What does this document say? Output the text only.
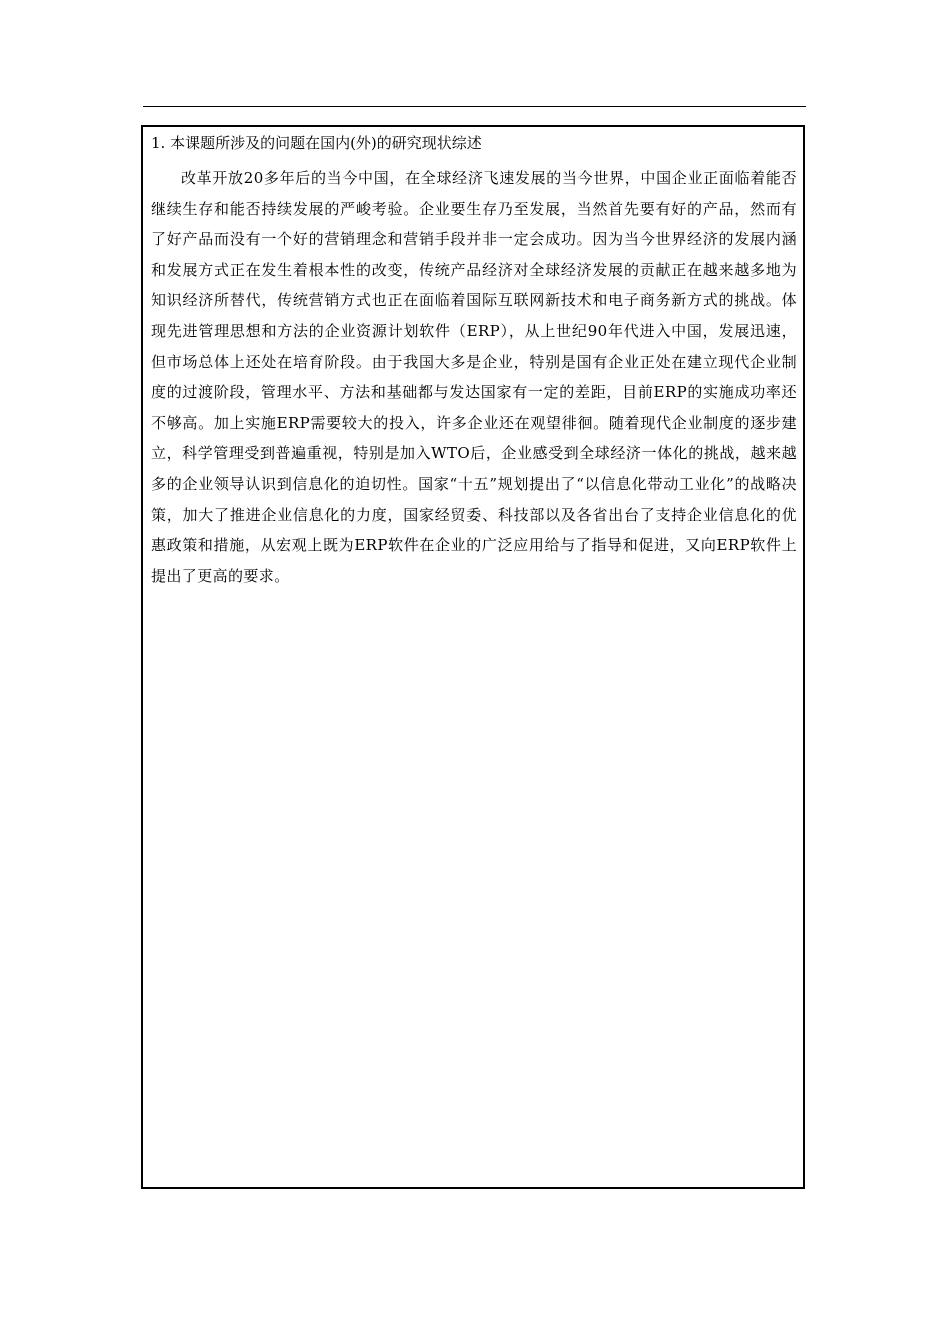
1. 本课题所涉及的问题在国内(外)的研究现状综述

改革开放20多年后的当今中国，在全球经济飞速发展的当今世界，中国企业正面临着能否继续生存和能否持续发展的严峻考验。企业要生存乃至发展，当然首先要有好的产品，然而有了好产品而没有一个好的营销理念和营销手段并非一定会成功。因为当今世界经济的发展内涵和发展方式正在发生着根本性的改变，传统产品经济对全球经济发展的贡献正在越来越多地为知识经济所替代，传统营销方式也正在面临着国际互联网新技术和电子商务新方式的挑战。体现先进管理思想和方法的企业资源计划软件（ERP），从上世纪90年代进入中国，发展迅速，但市场总体上还处在培育阶段。由于我国大多是企业，特别是国有企业正处在建立现代企业制度的过渡阶段，管理水平、方法和基础都与发达国家有一定的差距，目前ERP的实施成功率还不够高。加上实施ERP需要较大的投入，许多企业还在观望徘徊。随着现代企业制度的逐步建立，科学管理受到普遍重视，特别是加入WTO后，企业感受到全球经济一体化的挑战，越来越多的企业领导认识到信息化的迫切性。国家“十五”规划提出了“以信息化带动工业化”的战略决策，加大了推进企业信息化的力度，国家经贸委、科技部以及各省出台了支持企业信息化的优惠政策和措施，从宏观上既为ERP软件在企业的广泛应用给与了指导和促进，又向ERP软件上提出了更高的要求。
